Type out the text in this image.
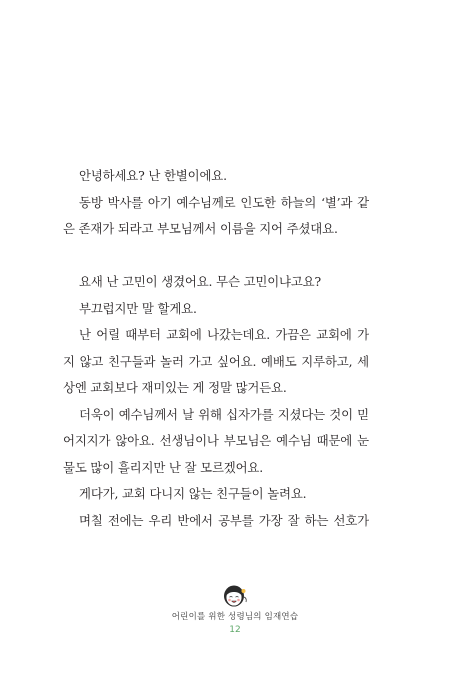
안녕하세요? 난 한별이에요.
동방 박사를 아기 예수님께로 인도한 하늘의 ‘별’과 같
은 존재가 되라고 부모님께서 이름을 지어 주셨대요.
요새 난 고민이 생겼어요. 무슨 고민이냐고요?
부끄럽지만 말 할게요.
난 어릴 때부터 교회에 나갔는데요. 가끔은 교회에 가
지 않고 친구들과 놀러 가고 싶어요. 예배도 지루하고, 세
상엔 교회보다 재미있는 게 정말 많거든요.
더욱이 예수님께서 날 위해 십자가를 지셨다는 것이 믿
어지지가 않아요. 선생님이나 부모님은 예수님 때문에 눈
물도 많이 흘리지만 난 잘 모르겠어요.
게다가, 교회 다니지 않는 친구들이 놀려요.
며칠 전에는 우리 반에서 공부를 가장 잘 하는 선호가
어린이를 위한 성령님의 임재연습
12
